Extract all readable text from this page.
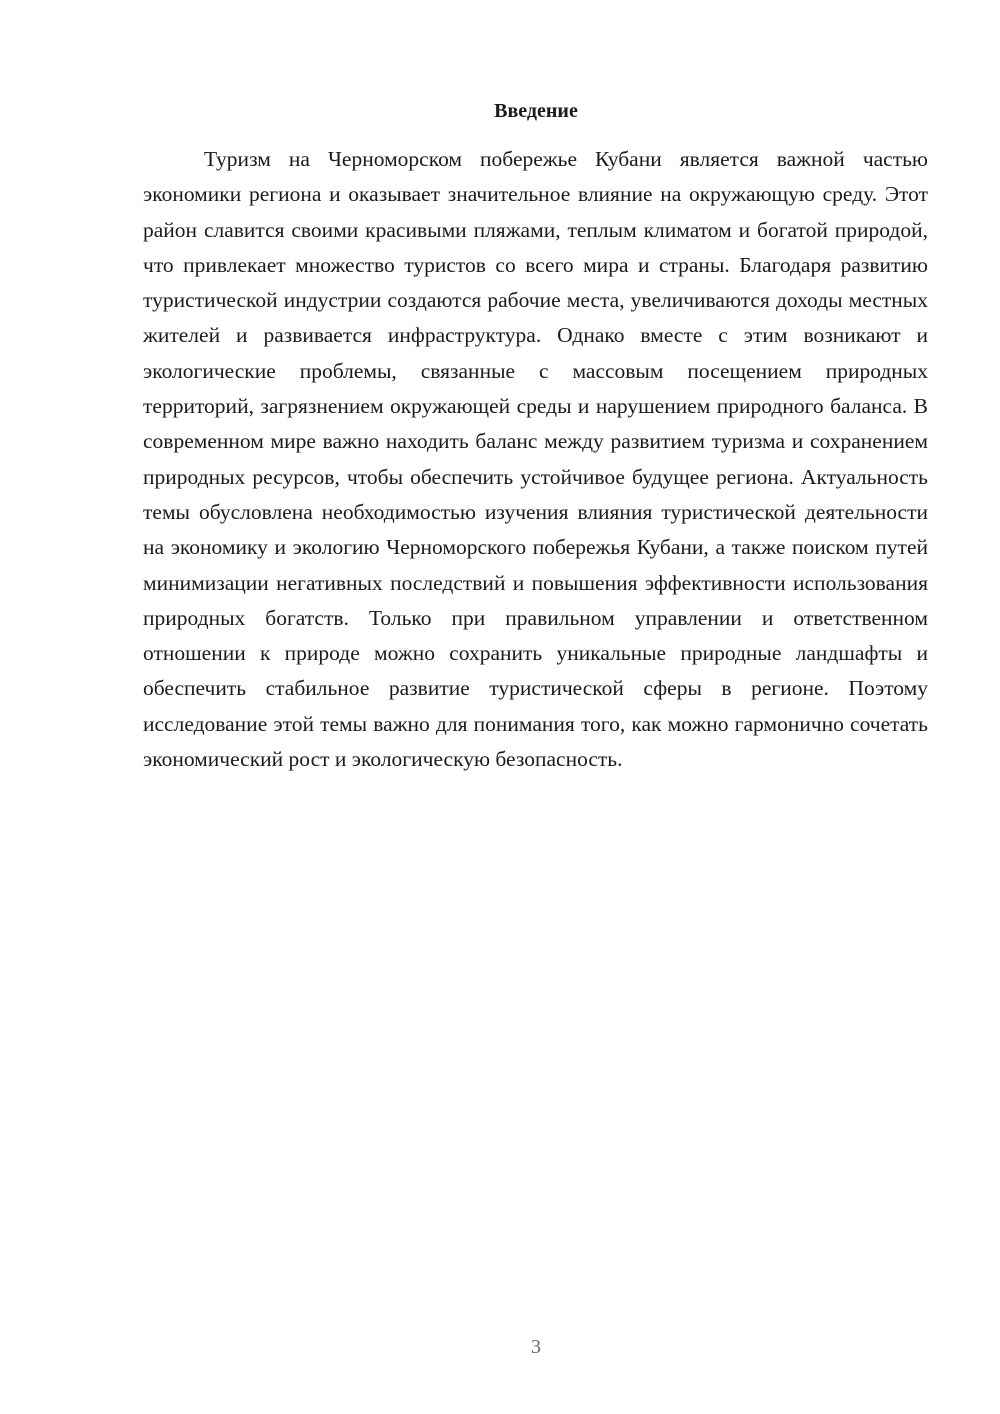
Введение

Туризм на Черноморском побережье Кубани является важной частью экономики региона и оказывает значительное влияние на окружающую среду. Этот район славится своими красивыми пляжами, теплым климатом и богатой природой, что привлекает множество туристов со всего мира и страны. Благодаря развитию туристической индустрии создаются рабочие места, увеличиваются доходы местных жителей и развивается инфраструктура. Однако вместе с этим возникают и экологические проблемы, связанные с массовым посещением природных территорий, загрязнением окружающей среды и нарушением природного баланса. В современном мире важно находить баланс между развитием туризма и сохранением природных ресурсов, чтобы обеспечить устойчивое будущее региона. Актуальность темы обусловлена необходимостью изучения влияния туристической деятельности на экономику и экологию Черноморского побережья Кубани, а также поиском путей минимизации негативных последствий и повышения эффективности использования природных богатств. Только при правильном управлении и ответственном отношении к природе можно сохранить уникальные природные ландшафты и обеспечить стабильное развитие туристической сферы в регионе. Поэтому исследование этой темы важно для понимания того, как можно гармонично сочетать экономический рост и экологическую безопасность.

3
